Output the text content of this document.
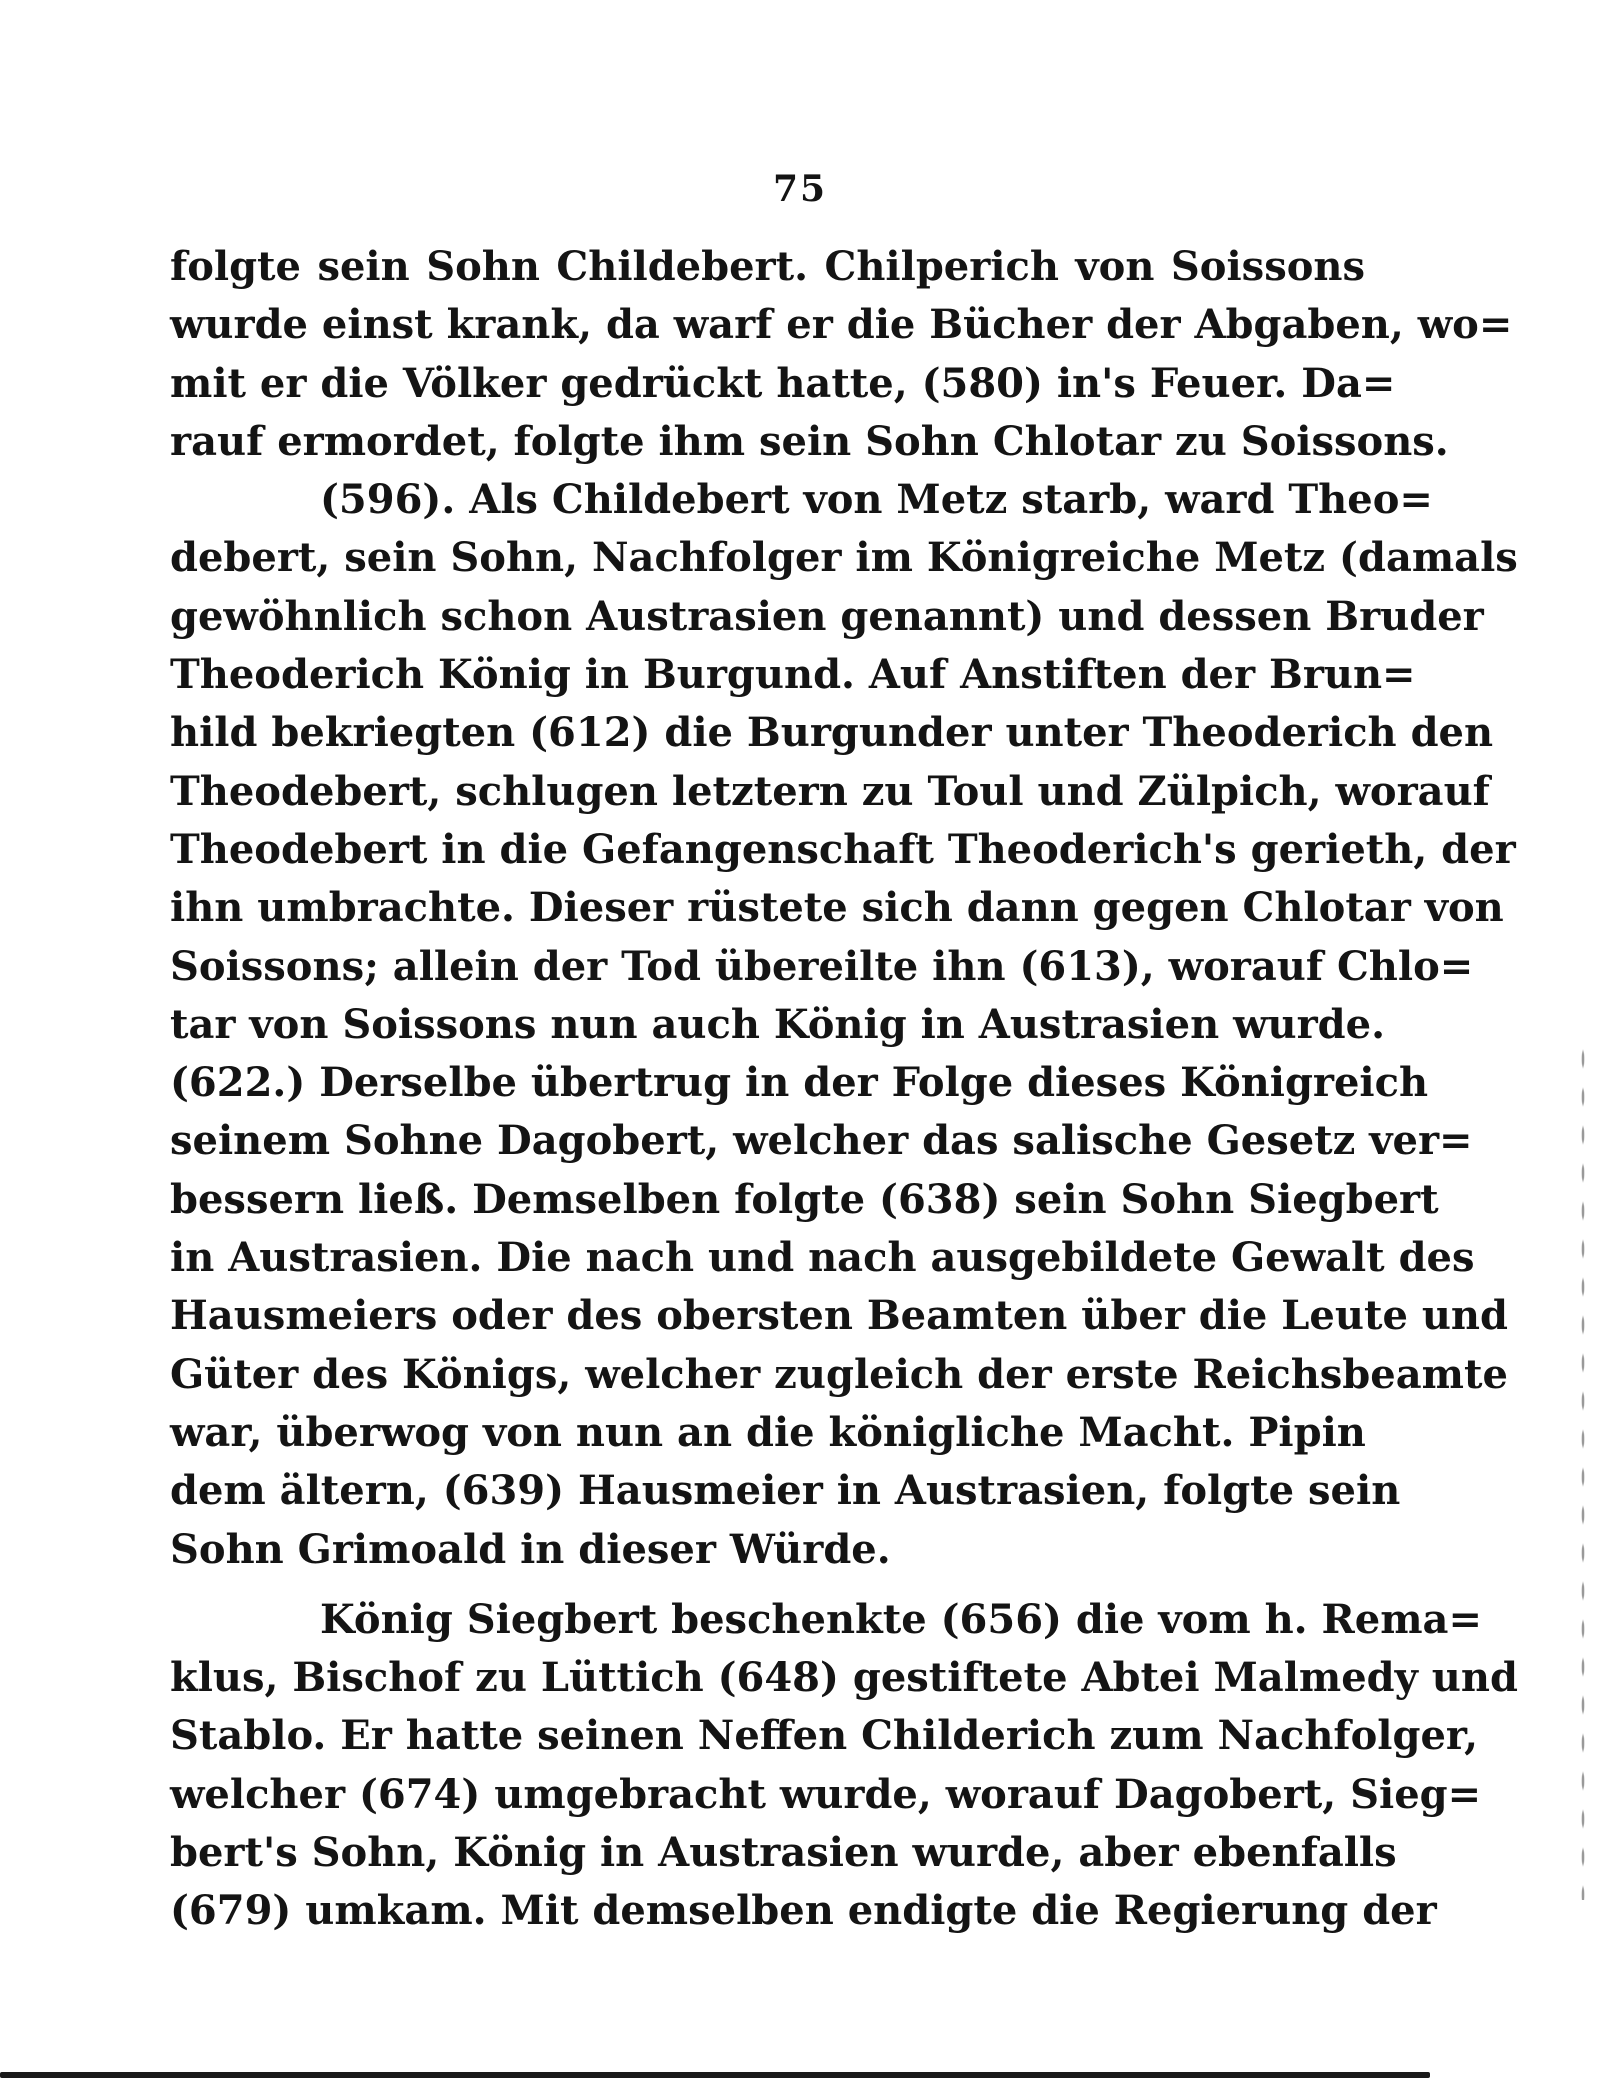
75
folgte sein Sohn Childebert. Chilperich von Soissons
wurde einst krank, da warf er die Bücher der Abgaben, wo=
mit er die Völker gedrückt hatte, (580) in's Feuer. Da=
rauf ermordet, folgte ihm sein Sohn Chlotar zu Soissons.
(596). Als Childebert von Metz starb, ward Theo=
debert, sein Sohn, Nachfolger im Königreiche Metz (damals
gewöhnlich schon Austrasien genannt) und dessen Bruder
Theoderich König in Burgund. Auf Anstiften der Brun=
hild bekriegten (612) die Burgunder unter Theoderich den
Theodebert, schlugen letztern zu Toul und Zülpich, worauf
Theodebert in die Gefangenschaft Theoderich's gerieth, der
ihn umbrachte. Dieser rüstete sich dann gegen Chlotar von
Soissons; allein der Tod übereilte ihn (613), worauf Chlo=
tar von Soissons nun auch König in Austrasien wurde.
(622.) Derselbe übertrug in der Folge dieses Königreich
seinem Sohne Dagobert, welcher das salische Gesetz ver=
bessern ließ. Demselben folgte (638) sein Sohn Siegbert
in Austrasien. Die nach und nach ausgebildete Gewalt des
Hausmeiers oder des obersten Beamten über die Leute und
Güter des Königs, welcher zugleich der erste Reichsbeamte
war, überwog von nun an die königliche Macht. Pipin
dem ältern, (639) Hausmeier in Austrasien, folgte sein
Sohn Grimoald in dieser Würde.
König Siegbert beschenkte (656) die vom h. Rema=
klus, Bischof zu Lüttich (648) gestiftete Abtei Malmedy und
Stablo. Er hatte seinen Neffen Childerich zum Nachfolger,
welcher (674) umgebracht wurde, worauf Dagobert, Sieg=
bert's Sohn, König in Austrasien wurde, aber ebenfalls
(679) umkam. Mit demselben endigte die Regierung der
